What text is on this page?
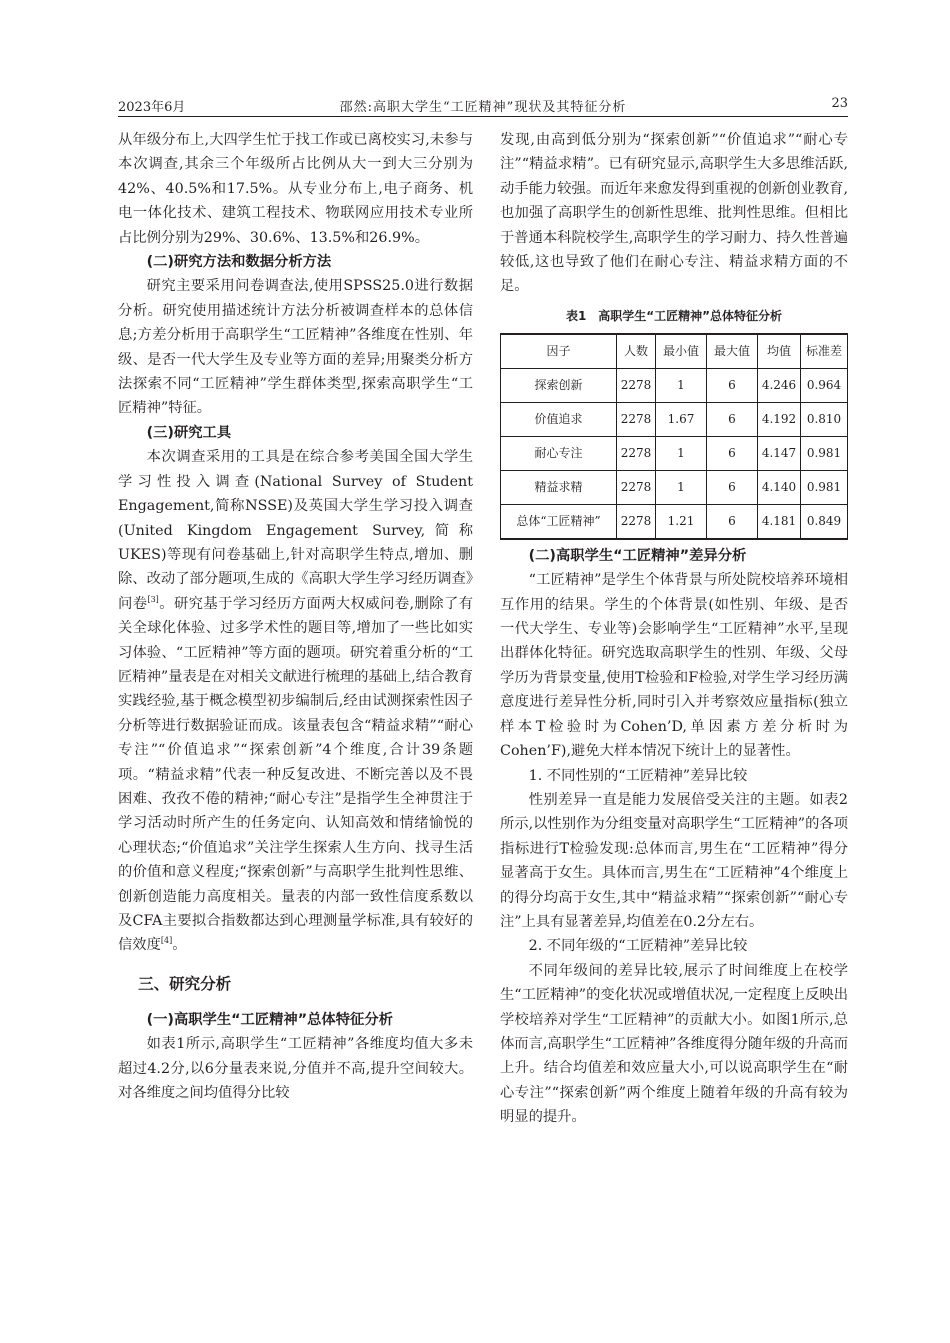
2023年6月	邵然:高职大学生“工匠精神”现状及其特征分析	23

从年级分布上,大四学生忙于找工作或已离校实习,未参与本次调查,其余三个年级所占比例从大一到大三分别为42%、40.5%和17.5%。从专业分布上,电子商务、机电一体化技术、建筑工程技术、物联网应用技术专业所占比例分别为29%、30.6%、13.5%和26.9%。

(二)研究方法和数据分析方法

研究主要采用问卷调查法,使用SPSS25.0进行数据分析。研究使用描述统计方法分析被调查样本的总体信息;方差分析用于高职学生“工匠精神”各维度在性别、年级、是否一代大学生及专业等方面的差异;用聚类分析方法探索不同“工匠精神”学生群体类型,探索高职学生“工匠精神”特征。

(三)研究工具

本次调查采用的工具是在综合参考美国全国大学生学习性投入调查(National Survey of Student Engagement,简称NSSE)及英国大学生学习投入调查(United Kingdom Engagement Survey,简称UKES)等现有问卷基础上,针对高职学生特点,增加、删除、改动了部分题项,生成的《高职大学生学习经历调查》问卷[3]。研究基于学习经历方面两大权威问卷,删除了有关全球化体验、过多学术性的题目等,增加了一些比如实习体验、“工匠精神”等方面的题项。研究着重分析的“工匠精神”量表是在对相关文献进行梳理的基础上,结合教育实践经验,基于概念模型初步编制后,经由试测探索性因子分析等进行数据验证而成。该量表包含“精益求精”“耐心专注”“价值追求”“探索创新”4个维度,合计39条题项。“精益求精”代表一种反复改进、不断完善以及不畏困难、孜孜不倦的精神;“耐心专注”是指学生全神贯注于学习活动时所产生的任务定向、认知高效和情绪愉悦的心理状态;“价值追求”关注学生探索人生方向、找寻生活的价值和意义程度;“探索创新”与高职学生批判性思维、创新创造能力高度相关。量表的内部一致性信度系数以及CFA主要拟合指数都达到心理测量学标准,具有较好的信效度[4]。

三、研究分析
(一)高职学生“工匠精神”总体特征分析

如表1所示,高职学生“工匠精神”各维度均值大多未超过4.2分,以6分量表来说,分值并不高,提升空间较大。对各维度之间均值得分比较

发现,由高到低分别为“探索创新”“价值追求”“耐心专注”“精益求精”。已有研究显示,高职学生大多思维活跃,动手能力较强。而近年来愈发得到重视的创新创业教育,也加强了高职学生的创新性思维、批判性思维。但相比于普通本科院校学生,高职学生的学习耐力、持久性普遍较低,这也导致了他们在耐心专注、精益求精方面的不足。

表1　高职学生“工匠精神”总体特征分析
因子	人数	最小值	最大值	均值	标准差
探索创新	2278	1	6	4.246	0.964
价值追求	2278	1.67	6	4.192	0.810
耐心专注	2278	1	6	4.147	0.981
精益求精	2278	1	6	4.140	0.981
总体“工匠精神”	2278	1.21	6	4.181	0.849
(二)高职学生“工匠精神”差异分析

“工匠精神”是学生个体背景与所处院校培养环境相互作用的结果。学生的个体背景(如性别、年级、是否一代大学生、专业等)会影响学生“工匠精神”水平,呈现出群体化特征。研究选取高职学生的性别、年级、父母学历为背景变量,使用T检验和F检验,对学生学习经历满意度进行差异性分析,同时引入并考察效应量指标(独立样本T检验时为Cohen’D,单因素方差分析时为Cohen’F),避免大样本情况下统计上的显著性。

1. 不同性别的“工匠精神”差异比较

性别差异一直是能力发展倍受关注的主题。如表2所示,以性别作为分组变量对高职学生“工匠精神”的各项指标进行T检验发现:总体而言,男生在“工匠精神”得分显著高于女生。具体而言,男生在“工匠精神”4个维度上的得分均高于女生,其中“精益求精”“探索创新”“耐心专注”上具有显著差异,均值差在0.2分左右。

2. 不同年级的“工匠精神”差异比较

不同年级间的差异比较,展示了时间维度上在校学生“工匠精神”的变化状况或增值状况,一定程度上反映出学校培养对学生“工匠精神”的贡献大小。如图1所示,总体而言,高职学生“工匠精神”各维度得分随年级的升高而上升。结合均值差和效应量大小,可以说高职学生在“耐心专注”“探索创新”两个维度上随着年级的升高有较为明显的提升。
